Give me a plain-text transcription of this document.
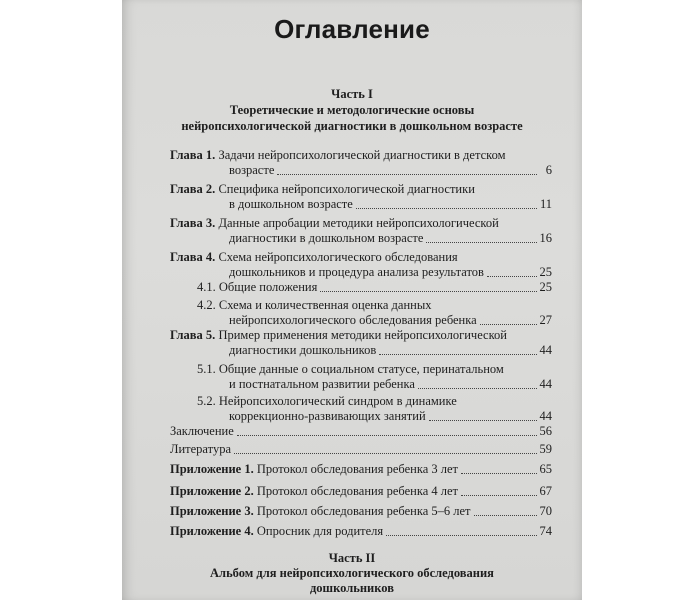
Оглавление
Часть I
Теоретические и методологические основы
нейропсихологической диагностики в дошкольном возрасте
Глава 1.
Задачи нейропсихологической диагностики в детском
возрасте	6
Глава 2.
Специфика нейропсихологической диагностики
в дошкольном возрасте	11
Глава 3.
Данные апробации методики нейропсихологической
диагностики в дошкольном возрасте	16
Глава 4.
Схема нейропсихологического обследования
дошкольников и процедура анализа результатов	25
4.1.
Общие положения	25
4.2.
Схема и количественная оценка данных
нейропсихологического обследования ребенка	27
Глава 5.
Пример применения методики нейропсихологической
диагностики дошкольников	44
5.1.
Общие данные о социальном статусе, перинатальном
и постнатальном развитии ребенка	44
5.2.
Нейропсихологический синдром в динамике
коррекционно-развивающих занятий	44
Заключение	56
Литература	59
Приложение 1.
Протокол обследования ребенка 3 лет	65
Приложение 2.
Протокол обследования ребенка 4 лет	67
Приложение 3.
Протокол обследования ребенка 5–6 лет	70
Приложение 4.
Опросник для родителя	74
Часть II
Альбом для нейропсихологического обследования
дошкольников
